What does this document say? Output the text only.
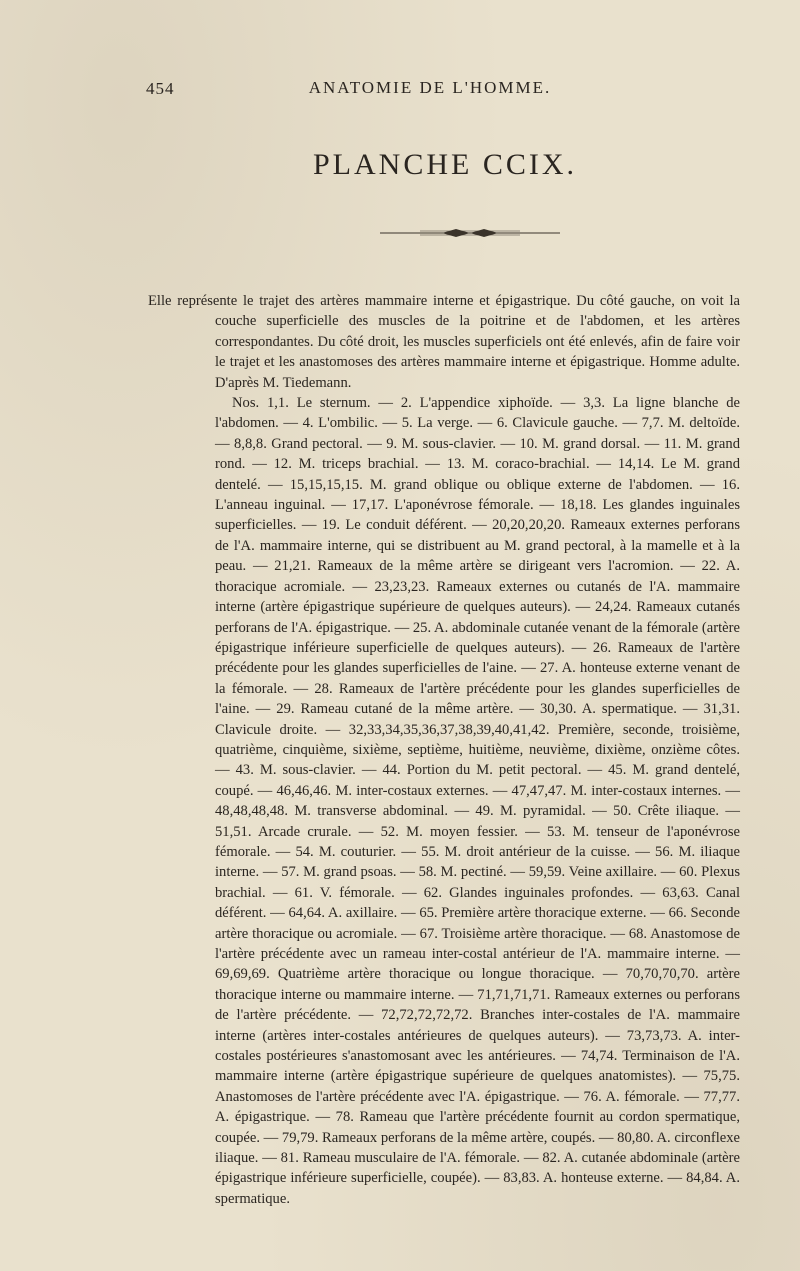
454	ANATOMIE DE L'HOMME.
PLANCHE CCIX.

Elle représente le trajet des artères mammaire interne et épigastrique. Du côté gauche, on voit la couche superficielle des muscles de la poitrine et de l'abdomen, et les artères correspondantes. Du côté droit, les muscles superficiels ont été enlevés, afin de faire voir le trajet et les anastomoses des artères mammaire interne et épigastrique. Homme adulte. D'après M. Tiedemann.

Nos. 1,1. Le sternum. — 2. L'appendice xiphoïde. — 3,3. La ligne blanche de l'abdomen. — 4. L'ombilic. — 5. La verge. — 6. Clavicule gauche. — 7,7. M. deltoïde. — 8,8,8. Grand pectoral. — 9. M. sous-clavier. — 10. M. grand dorsal. — 11. M. grand rond. — 12. M. triceps brachial. — 13. M. coraco-brachial. — 14,14. Le M. grand dentelé. — 15,15,15,15. M. grand oblique ou oblique externe de l'abdomen. — 16. L'anneau inguinal. — 17,17. L'aponévrose fémorale. — 18,18. Les glandes inguinales superficielles. — 19. Le conduit déférent. — 20,20,20,20. Rameaux externes perforans de l'A. mammaire interne, qui se distribuent au M. grand pectoral, à la mamelle et à la peau. — 21,21. Rameaux de la même artère se dirigeant vers l'acromion. — 22. A. thoracique acromiale. — 23,23,23. Rameaux externes ou cutanés de l'A. mammaire interne (artère épigastrique supérieure de quelques auteurs). — 24,24. Rameaux cutanés perforans de l'A. épigastrique. — 25. A. abdominale cutanée venant de la fémorale (artère épigastrique inférieure superficielle de quelques auteurs). — 26. Rameaux de l'artère précédente pour les glandes superficielles de l'aine. — 27. A. honteuse externe venant de la fémorale. — 28. Rameaux de l'artère précédente pour les glandes superficielles de l'aine. — 29. Rameau cutané de la même artère. — 30,30. A. spermatique. — 31,31. Clavicule droite. — 32,33,34,35,36,37,38,39,40,41,42. Première, seconde, troisième, quatrième, cinquième, sixième, septième, huitième, neuvième, dixième, onzième côtes. — 43. M. sous-clavier. — 44. Portion du M. petit pectoral. — 45. M. grand dentelé, coupé. — 46,46,46. M. inter-costaux externes. — 47,47,47. M. inter-costaux internes. — 48,48,48,48. M. transverse abdominal. — 49. M. pyramidal. — 50. Crête iliaque. — 51,51. Arcade crurale. — 52. M. moyen fessier. — 53. M. tenseur de l'aponévrose fémorale. — 54. M. couturier. — 55. M. droit antérieur de la cuisse. — 56. M. iliaque interne. — 57. M. grand psoas. — 58. M. pectiné. — 59,59. Veine axillaire. — 60. Plexus brachial. — 61. V. fémorale. — 62. Glandes inguinales profondes. — 63,63. Canal déférent. — 64,64. A. axillaire. — 65. Première artère thoracique externe. — 66. Seconde artère thoracique ou acromiale. — 67. Troisième artère thoracique. — 68. Anastomose de l'artère précédente avec un rameau inter-costal antérieur de l'A. mammaire interne. — 69,69,69. Quatrième artère thoracique ou longue thoracique. — 70,70,70,70. artère thoracique interne ou mammaire interne. — 71,71,71,71. Rameaux externes ou perforans de l'artère précédente. — 72,72,72,72,72. Branches inter-costales de l'A. mammaire interne (artères inter-costales antérieures de quelques auteurs). — 73,73,73. A. inter-costales postérieures s'anastomosant avec les antérieures. — 74,74. Terminaison de l'A. mammaire interne (artère épigastrique supérieure de quelques anatomistes). — 75,75. Anastomoses de l'artère précédente avec l'A. épigastrique. — 76. A. fémorale. — 77,77. A. épigastrique. — 78. Rameau que l'artère précédente fournit au cordon spermatique, coupée. — 79,79. Rameaux perforans de la même artère, coupés. — 80,80. A. circonflexe iliaque. — 81. Rameau musculaire de l'A. fémorale. — 82. A. cutanée abdominale (artère épigastrique inférieure superficielle, coupée). — 83,83. A. honteuse externe. — 84,84. A. spermatique.
